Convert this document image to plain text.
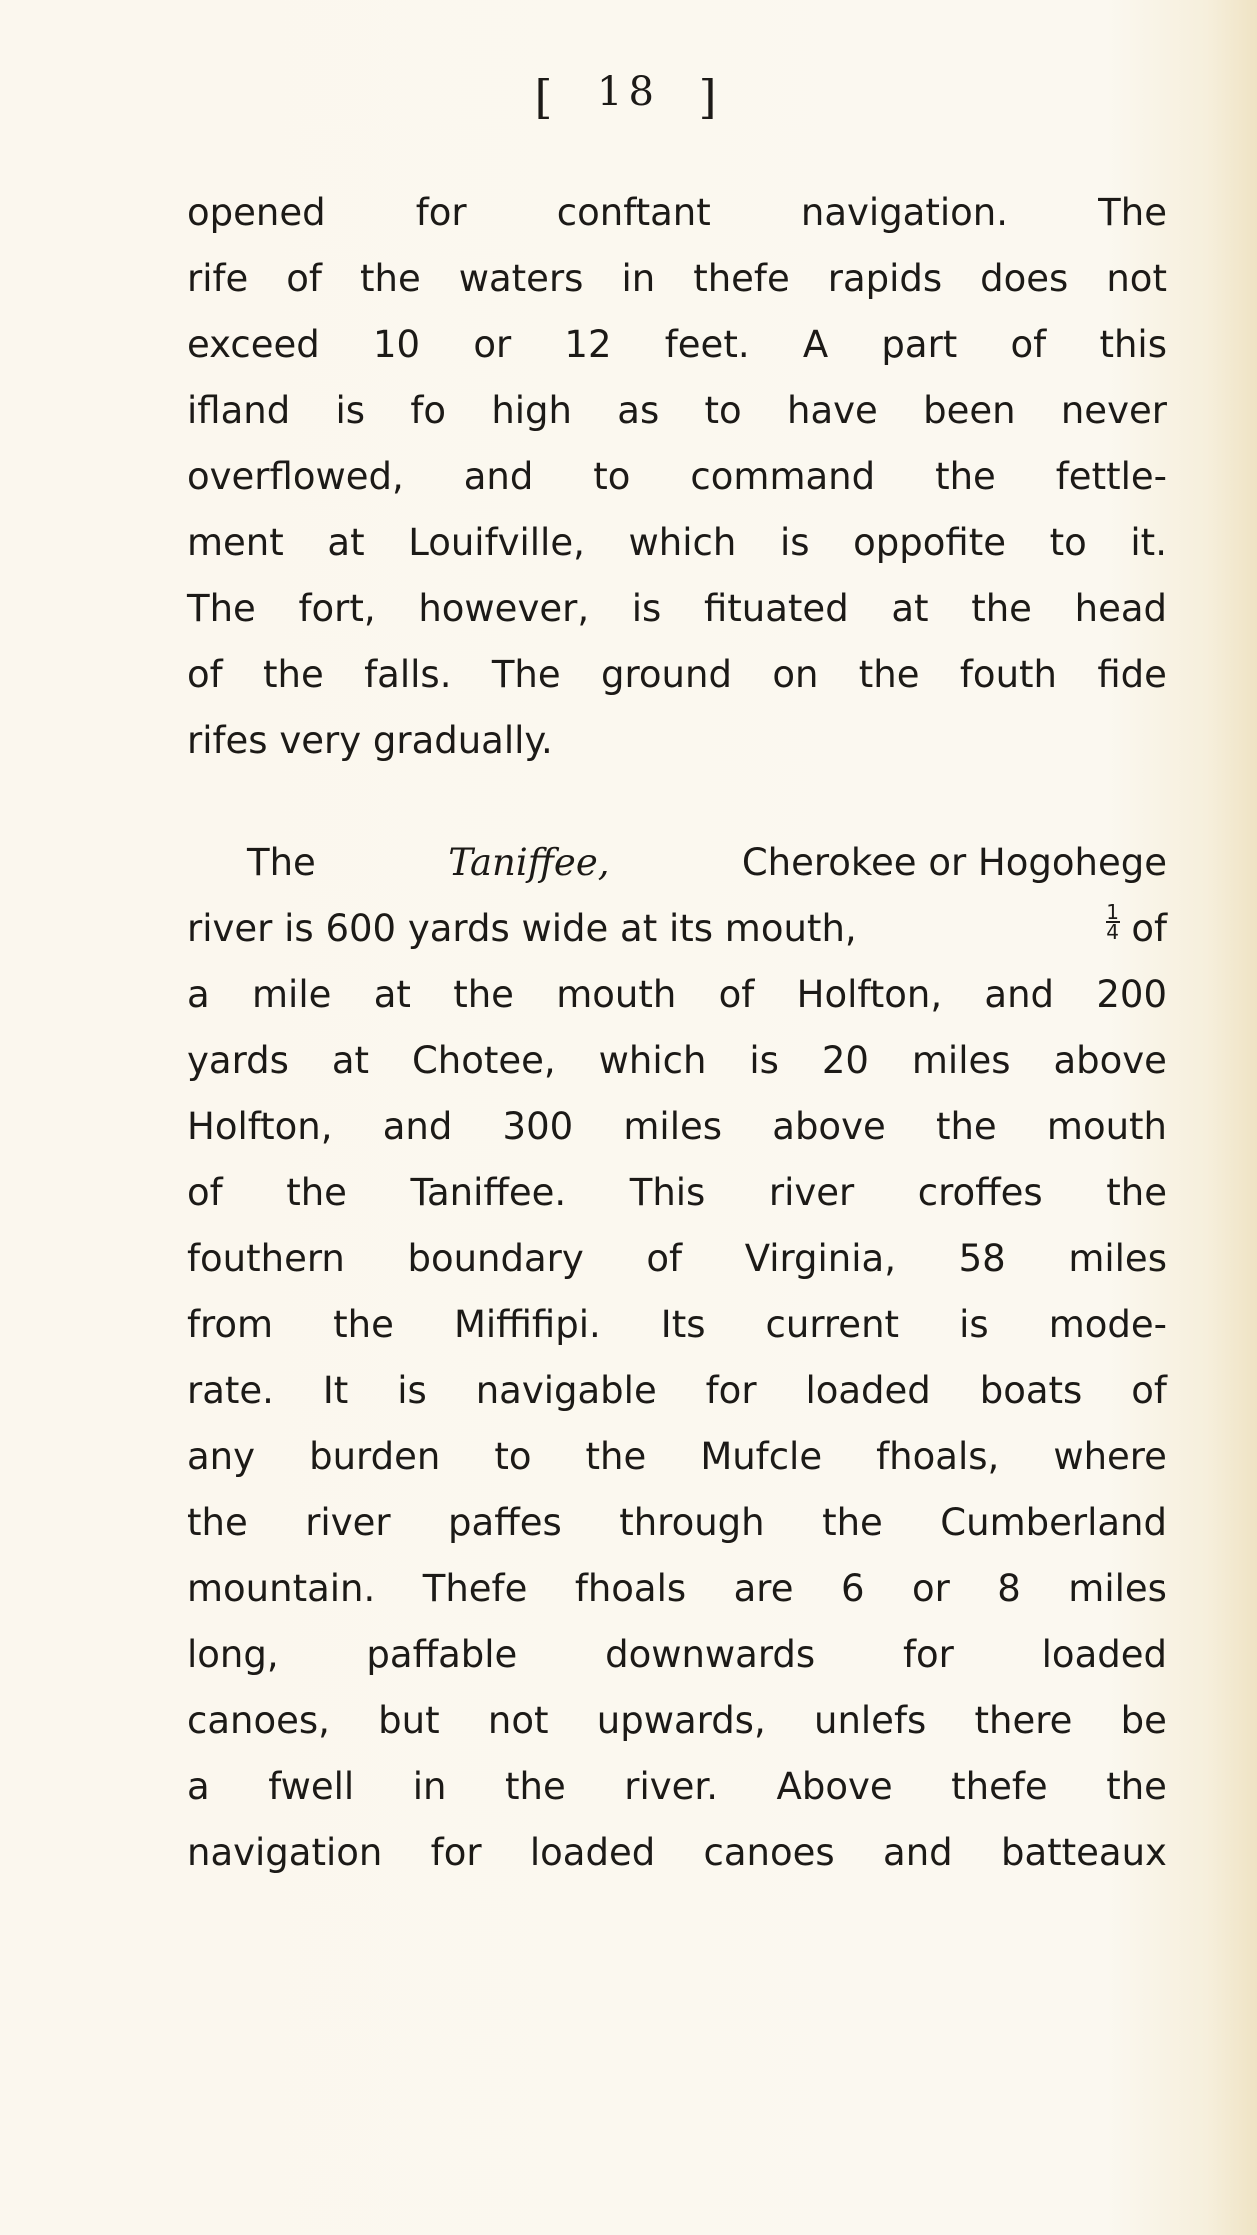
[ 18 ]
opened for conftant navigation. The
rife of the waters in thefe rapids does not
exceed 10 or 12 feet. A part of this
ifland is fo high as to have been never
overflowed, and to command the fettle-
ment at Louifville, which is oppofite to it.
The fort, however, is fituated at the head
of the falls. The ground on the fouth fide
rifes
very
gradually.

The	Taniffee,	Cherokee or Hogohege
river is 600 yards wide at its mouth,	$\frac{1}{4}$ of
a mile at the mouth of Holfton, and 200
yards at Chotee, which is 20 miles above
Holfton, and 300 miles above the mouth
of the Taniffee. This river croffes the
fouthern boundary of Virginia, 58 miles
from the Miffifipi. Its current is mode-
rate. It is navigable for loaded boats of
any burden to the Mufcle fhoals, where
the river paffes through the Cumberland
mountain. Thefe fhoals are 6 or 8 miles
long, paffable downwards for loaded
canoes, but not upwards, unlefs there be
a fwell in the river. Above thefe the
navigation for loaded canoes and batteaux
